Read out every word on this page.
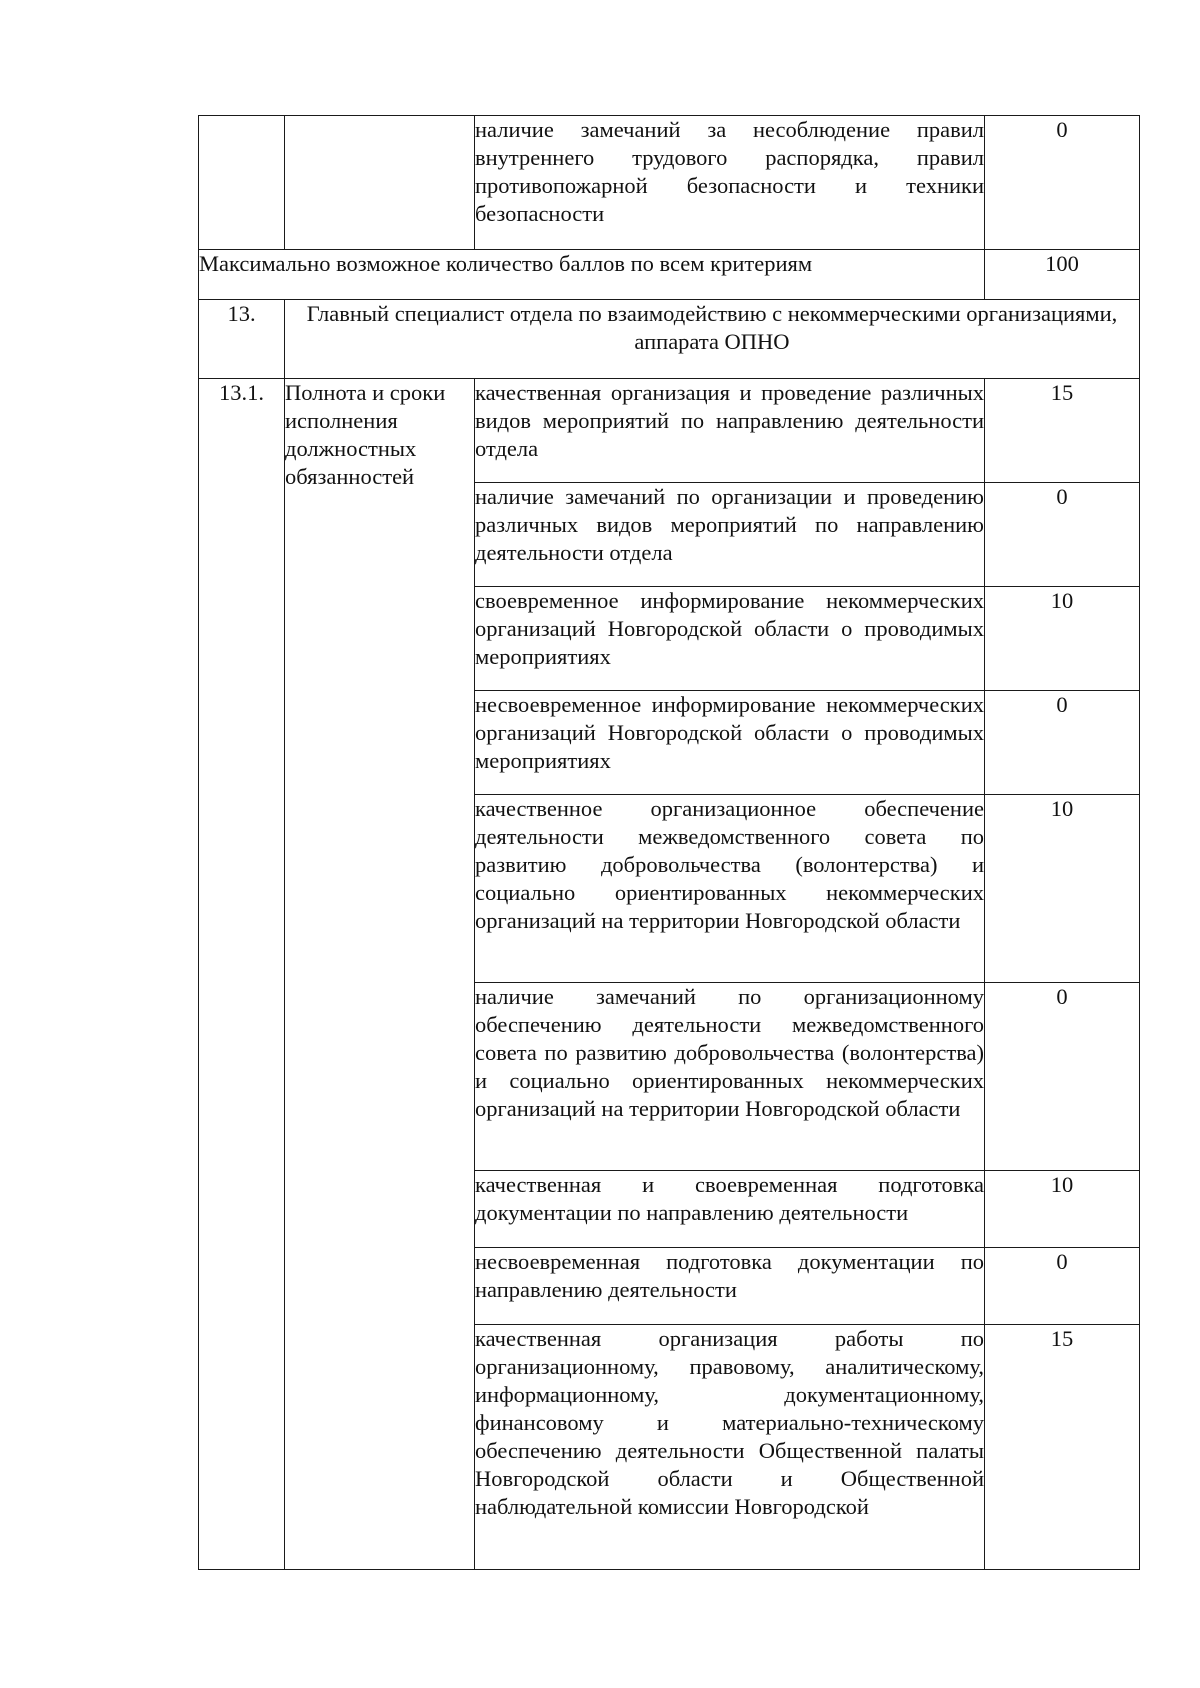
		наличие замечаний за несоблюдение правил внутреннего трудового распорядка, правил противопожарной безопасности и техники безопасности	0
Максимально возможное количество баллов по всем критериям			100
13.	Главный специалист отдела по взаимодействию с некоммерческими организациями, аппарата ОПНО		
13.1.	Полнота и сроки исполнения должностных обязанностей	качественная организация и проведение различных видов мероприятий по направлению деятельности отдела	15

		наличие замечаний по организации и проведению различных видов мероприятий по направлению деятельности отдела	0

		своевременное информирование некоммерческих организаций Новгородской области о проводимых мероприятиях	10

		несвоевременное информирование некоммерческих организаций Новгородской области о проводимых мероприятиях	0

		качественное организационное обеспечение деятельности межведомственного совета по развитию добровольчества (волонтерства) и социально ориентированных некоммерческих организаций на территории Новгородской области	10

		наличие замечаний по организационному обеспечению деятельности межведомственного совета по развитию добровольчества (волонтерства) и социально ориентированных некоммерческих организаций на территории Новгородской области	0

		качественная и своевременная подготовка документации по направлению деятельности	10

		несвоевременная подготовка документации по направлению деятельности	0

		качественная организация работы по организационному, правовому, аналитическому, информационному, документационному, финансовому и материально-техническому обеспечению деятельности Общественной палаты Новгородской области и Общественной наблюдательной комиссии Новгородской	15
